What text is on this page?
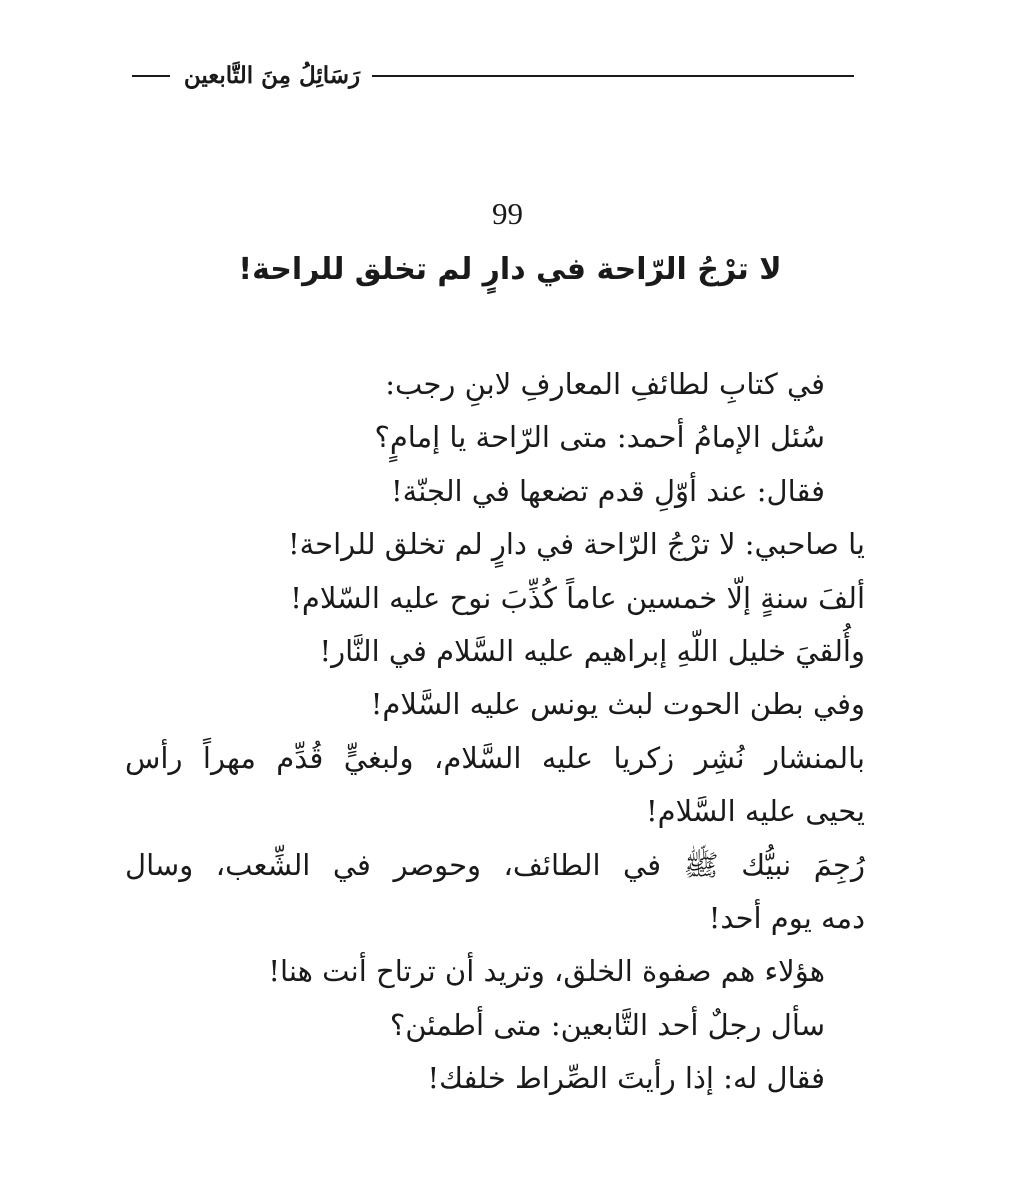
رَسَائِلُ مِنَ التَّابعين
99
لا ترْجُ الرّاحة في دارٍ لم تخلق للراحة!
في كتابِ لطائفِ المعارفِ لابنِ رجب:
سُئل الإمامُ أحمد: متى الرّاحة يا إمامٍ؟
فقال: عند أوّلِ قدم تضعها في الجنّة!
يا صاحبي: لا ترْجُ الرّاحة في دارٍ لم تخلق للراحة!
ألفَ سنةٍ إلّا خمسين عاماً كُذِّبَ نوح عليه السّلام!
وأُلقيَ خليل اللّهِ إبراهيم عليه السَّلام في النَّار!
وفي بطن الحوت لبث يونس عليه السَّلام!
بالمنشار نُشِر زكريا عليه السَّلام، ولبغيٍّ قُدِّم مهراً رأس
يحيى عليه السَّلام!
رُجِمَ نبيُّك ﷺ في الطائف، وحوصر في الشِّعب، وسال
دمه يوم أحد!
هؤلاء هم صفوة الخلق، وتريد أن ترتاح أنت هنا!
سأل رجلٌ أحد التَّابعين: متى أطمئن؟
فقال له: إذا رأيتَ الصِّراط خلفك!
